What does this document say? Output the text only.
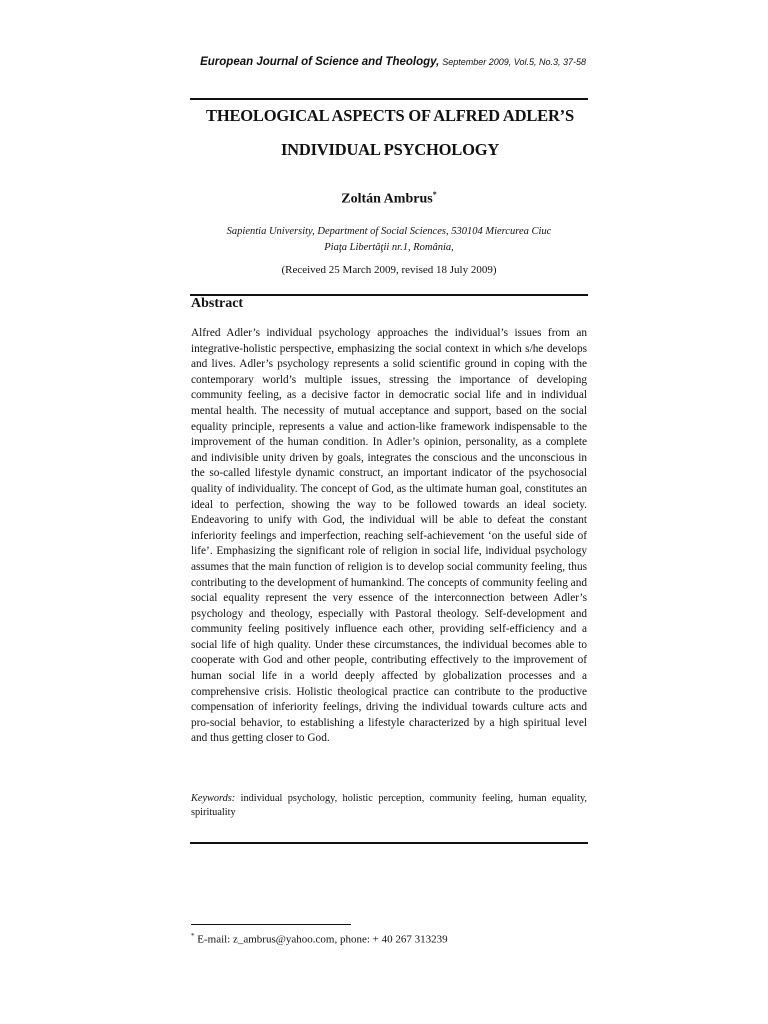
European Journal of Science and Theology, September 2009, Vol.5, No.3, 37-58
THEOLOGICAL ASPECTS OF ALFRED ADLER’S
INDIVIDUAL PSYCHOLOGY
Zoltán Ambrus*
Sapientia University, Department of Social Sciences, 530104 Miercurea Ciuc
Piaţa Libertăţii nr.1, România,
(Received 25 March 2009, revised 18 July 2009)
Abstract
Alfred Adler’s individual psychology approaches the individual’s issues from an integrative-holistic perspective, emphasizing the social context in which s/he develops and lives. Adler’s psychology represents a solid scientific ground in coping with the contemporary world’s multiple issues, stressing the importance of developing community feeling, as a decisive factor in democratic social life and in individual mental health. The necessity of mutual acceptance and support, based on the social equality principle, represents a value and action-like framework indispensable to the improvement of the human condition. In Adler’s opinion, personality, as a complete and indivisible unity driven by goals, integrates the conscious and the unconscious in the so-called lifestyle dynamic construct, an important indicator of the psychosocial quality of individuality. The concept of God, as the ultimate human goal, constitutes an ideal to perfection, showing the way to be followed towards an ideal society. Endeavoring to unify with God, the individual will be able to defeat the constant inferiority feelings and imperfection, reaching self-achievement ‘on the useful side of life’. Emphasizing the significant role of religion in social life, individual psychology assumes that the main function of religion is to develop social community feeling, thus contributing to the development of humankind. The concepts of community feeling and social equality represent the very essence of the interconnection between Adler’s psychology and theology, especially with Pastoral theology. Self-development and community feeling positively influence each other, providing self-efficiency and a social life of high quality. Under these circumstances, the individual becomes able to cooperate with God and other people, contributing effectively to the improvement of human social life in a world deeply affected by globalization processes and a comprehensive crisis. Holistic theological practice can contribute to the productive compensation of inferiority feelings, driving the individual towards culture acts and pro-social behavior, to establishing a lifestyle characterized by a high spiritual level and thus getting closer to God.
Keywords: individual psychology, holistic perception, community feeling, human equality, spirituality
* E-mail: z_ambrus@yahoo.com, phone: + 40 267 313239
